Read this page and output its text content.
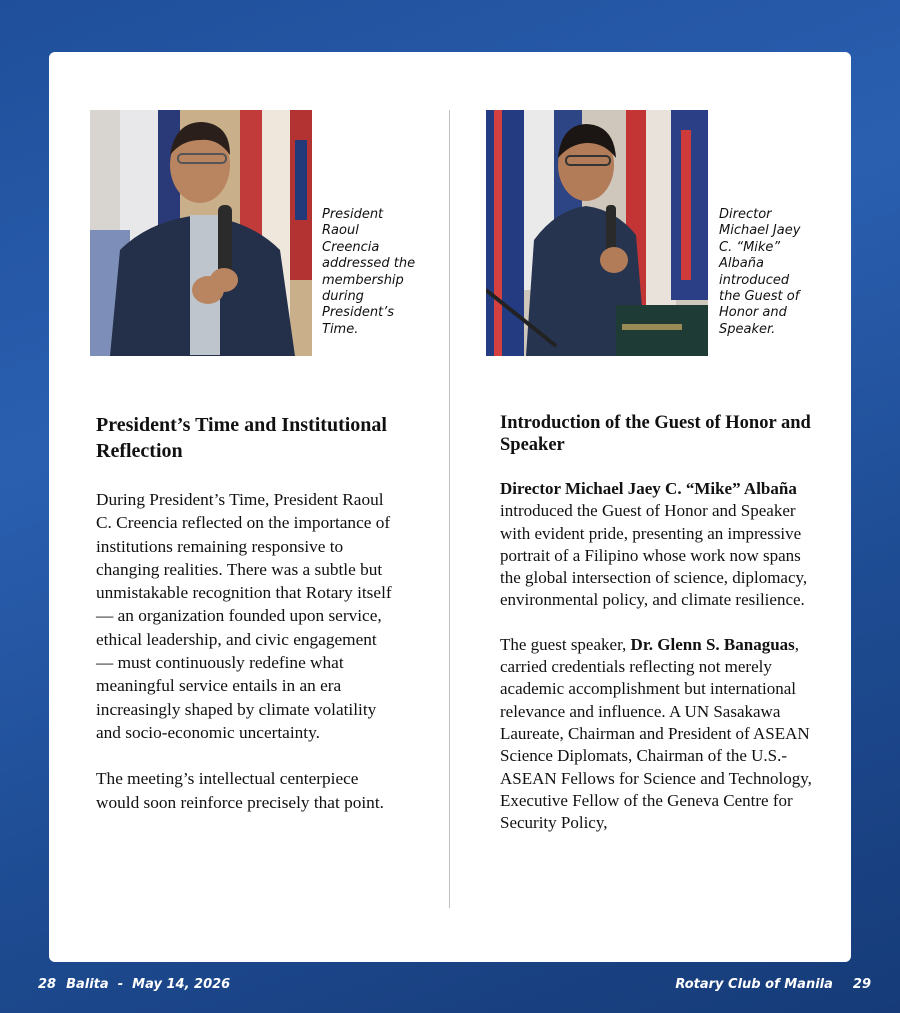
President Raoul Creencia addressed the membership during President’s Time.
Director Michael Jaey C. “Mike” Albaña introduced the Guest of Honor and Speaker.
President’s Time and Institutional Reflection

During President’s Time, President Raoul C. Creencia reflected on the importance of institutions remaining responsive to changing realities. There was a subtle but unmistakable recognition that Rotary itself — an organization founded upon service, ethical leadership, and civic engagement — must continuously redefine what meaningful service entails in an era increasingly shaped by climate volatility and socio-economic uncertainty.

The meeting’s intellectual centerpiece would soon reinforce precisely that point.

Introduction of the Guest of Honor and Speaker

Director Michael Jaey C. “Mike” Albaña introduced the Guest of Honor and Speaker with evident pride, presenting an impressive portrait of a Filipino whose work now spans the global intersection of science, diplomacy, environmental policy, and climate resilience.

The guest speaker, Dr. Glenn S. Banaguas, carried credentials reflecting not merely academic accomplishment but international relevance and influence. A UN Sasakawa Laureate, Chairman and President of ASEAN Science Diplomats, Chairman of the U.S.-ASEAN Fellows for Science and Technology, Executive Fellow of the Geneva Centre for Security Policy,

28 Balita  -  May 14, 2026	Rotary Club of Manila 29
